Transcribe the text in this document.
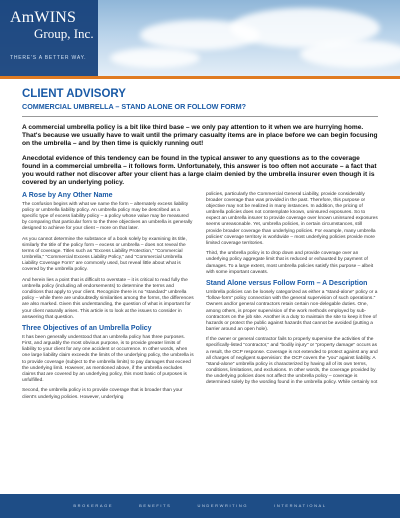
AmWINS
Group, Inc.
THERE'S A BETTER WAY.
CLIENT ADVISORY
COMMERCIAL UMBRELLA – STAND ALONE OR FOLLOW FORM?
A commercial umbrella policy is a bit like third base – we only pay attention to it when we are hurrying home. That's because we usually have to wait until the primary casualty items are in place before we can begin focusing on the umbrella – and by then time is quickly running out!
Anecdotal evidence of this tendency can be found in the typical answer to any questions as to the coverage found in a commercial umbrella – it follows form. Unfortunately, this answer is too often not accurate – a fact that you would rather not discover after your client has a large claim denied by the umbrella insurer even though it is covered by an underlying policy.
A Rose by Any Other Name

The confusion begins with what we name the form – alternately excess liability policy or umbrella liability policy. An umbrella policy may be described as a specific type of excess liability policy – a policy whose value may be measured by comparing that particular form to the three objectives an umbrella is generally designed to achieve for your client – more on that later.

As you cannot determine the substance of a book solely by examining its title, similarly the title of the policy form – excess or umbrella – does not reveal the terms of coverage. Titles such as "Excess Liability Protection," "Commercial Umbrella," "Commercial Excess Liability Policy," and "Commercial Umbrella Liability Coverage Form" are commonly used, but reveal little about what is covered by the umbrella policy.

And herein lies a point that is difficult to overstate – it is critical to read fully the umbrella policy (including all endorsements) to determine the terms and conditions that apply to your client. Recognize there is no "standard" umbrella policy – while there are undoubtedly similarities among the forms, the differences are also marked. Given this understanding, the question of what is important for your client naturally arises. This article is to look at the issues to consider in answering that question.

Three Objectives of an Umbrella Policy

It has been generally understood that an umbrella policy has three purposes. First, and arguably the most obvious purpose, is to provide greater limits of liability to your client for any one accident or occurrence. In other words, when one large liability claim exceeds the limits of the underlying policy, the umbrella is to provide coverage (subject to the umbrella limits) to pay damages that exceed the underlying limit. However, as mentioned above, if the umbrella excludes claims that are covered by an underlying policy, this most basic of purposes is unfulfilled.

Second, the umbrella policy is to provide coverage that is broader than your client's underlying policies. However, underlying

policies, particularly the Commercial General Liability, provide considerably broader coverage than was provided in the past. Therefore, this purpose or objective may not be realized in many instances. In addition, the pricing of umbrella policies does not contemplate known, uninsured exposures. So to expect an umbrella insurer to provide coverage over known uninsured exposures seems unreasonable. Yet, umbrella policies, in certain circumstances, still provide broader coverage than underlying policies. For example, many umbrella policies' coverage territory is worldwide – most underlying policies provide more limited coverage territories.

Third, the umbrella policy is to drop down and provide coverage over an underlying policy aggregate limit that is reduced or exhausted by payment of damages. To a large extent, most umbrella policies satisfy this purpose – albeit with some important caveats.

Stand Alone versus Follow Form – A Description

Umbrella policies can be loosely categorized as either a "stand-alone" policy or a "follow-form" policy connection with the general supervision of such operations." Owners and/or general contractors retain certain non-delegable duties. One, among others, is proper supervision of the work methods employed by sub-contractors on the job site. Another is a duty to maintain the site to keep it free of hazards or protect the public against hazards that cannot be avoided (putting a barrier around an open hole).

If the owner or general contractor fails to properly supervise the activities of the specifically-listed "contractor," and "bodily injury" or "property damage" occurs as a result, the OCP response. Coverage is not extended to protect against any and all charges of negligent supervision: the OCP covers the "you" against liability. A "stand-alone" umbrella policy is characterized by having all of its own terms, conditions, limitations, and exclusions. In other words, the coverage provided by the underlying policies does not affect the umbrella policy – coverage is determined solely by the wording found in the umbrella policy. While certainly not

BROKERAGE	BENEFITS	UNDERWRITING	INTERNATIONAL
